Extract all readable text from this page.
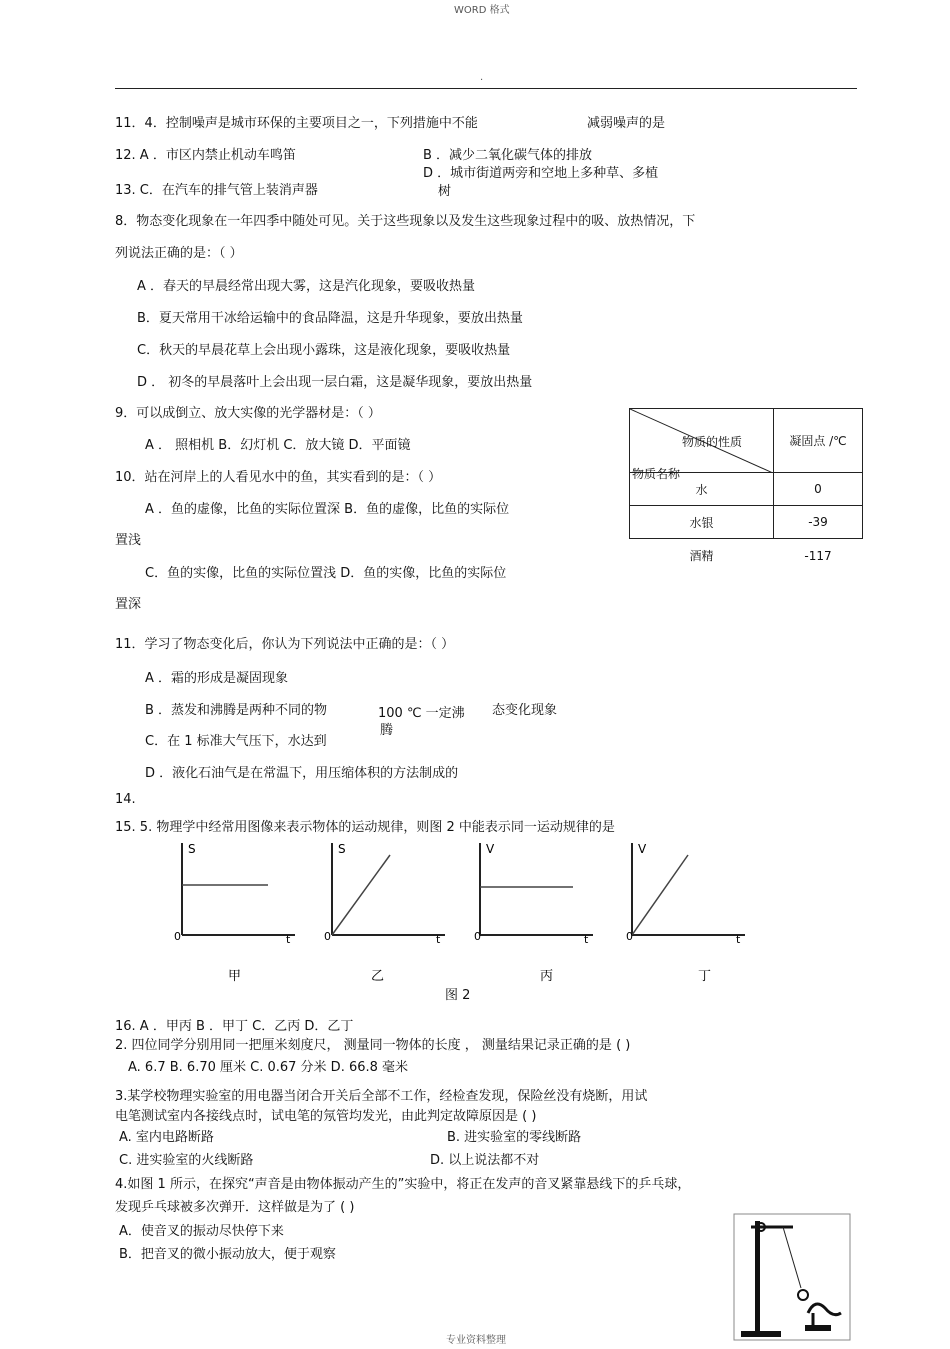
WORD 格式
.
11．4．控制噪声是城市环保的主要项目之一，下列措施中不能	减弱噪声的是
12. A ．市区内禁止机动车鸣笛	B ．减少二氧化碳气体的排放
D ．城市街道两旁和空地上多种草、多植
13. C．在汽车的排气管上装消声器	树
8．物态变化现象在一年四季中随处可见。关于这些现象以及发生这些现象过程中的吸、放热情况，下
列说法正确的是：（ ）
A ．春天的早晨经常出现大雾，这是汽化现象，要吸收热量
B．夏天常用干冰给运输中的食品降温，这是升华现象，要放出热量
C．秋天的早晨花草上会出现小露珠，这是液化现象，要吸收热量
D ． 初冬的早晨落叶上会出现一层白霜，这是凝华现象，要放出热量
9．可以成倒立、放大实像的光学器材是：（ ）
A ． 照相机 B．幻灯机 C．放大镜 D．平面镜
10．站在河岸上的人看见水中的鱼，其实看到的是：（ ）
A ．鱼的虚像，比鱼的实际位置深 B．鱼的虚像，比鱼的实际位
置浅
C．鱼的实像，比鱼的实际位置浅 D．鱼的实像，比鱼的实际位
置深
物质的性质
物质名称	凝固点 /℃
水	0
水银	-39
酒精	-117
11．学习了物态变化后，你认为下列说法中正确的是：（ ）
A ．霜的形成是凝固现象
B ．蒸发和沸腾是两种不同的物	100 ℃ 一定沸 态变化现象
C．在 1 标准大气压下，水达到
腾
D ．液化石油气是在常温下，用压缩体积的方法制成的
14.
15. 5. 物理学中经常用图像来表示物体的运动规律，则图 2 中能表示同一运动规律的是
S
t
0
甲
S
t
0
乙
V
t
0
丙
V
t
0
丁
图 2
16. A ．甲丙 B ．甲丁 C．乙丙 D．乙丁
2. 四位同学分别用同一把厘米刻度尺， 测量同一物体的长度 ， 测量结果记录正确的是 ( )
A. 6.7 B. 6.70 厘米 C. 0.67 分米 D. 66.8 毫米
3.某学校物理实验室的用电器当闭合开关后全部不工作，经检查发现，保险丝没有烧断，用试
电笔测试室内各接线点时，试电笔的氖管均发光，由此判定故障原因是 ( )
A. 室内电路断路	B. 进实验室的零线断路
C. 进实验室的火线断路	D. 以上说法都不对
4.如图 1 所示，在探究“声音是由物体振动产生的”实验中，将正在发声的音叉紧靠悬线下的乒乓球，
发现乒乓球被多次弹开．这样做是为了 ( )
A．使音叉的振动尽快停下来
B．把音叉的微小振动放大，便于观察
专业资料整理
